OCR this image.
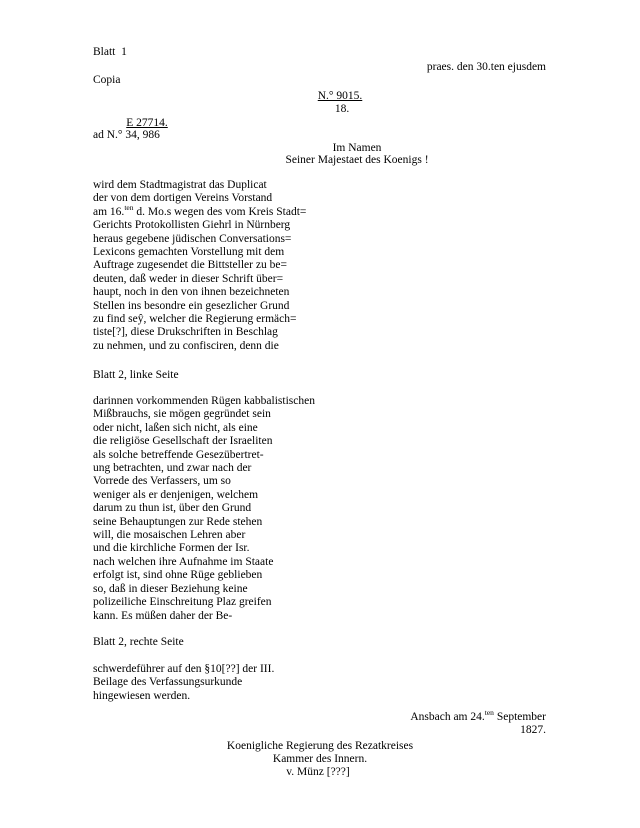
Blatt  1
praes. den 30.ten ejusdem
Copia
N.° 9015.
18.
E 27714.
ad N.° 34, 986
Im Namen
Seiner Majestaet des Koenigs !
wird dem Stadtmagistrat das Duplicat
der von dem dortigen Vereins Vorstand
am 16.$^{ten}$ d. Mo.s wegen des vom Kreis Stadt=
Gerichts Protokollisten Giehrl in Nürnberg
heraus gegebene jüdischen Conversations=
Lexicons gemachten Vorstellung mit dem
Auftrage zugesendet die Bittsteller zu be=
deuten, daß weder in dieser Schrift über=
haupt, noch in den von ihnen bezeichneten
Stellen ins besondre ein gesezlicher Grund
zu find seŷ, welcher die Regierung ermäch=
tiste[?], diese Drukschriften in Beschlag
zu nehmen, und zu confisciren, denn die
Blatt 2, linke Seite
darinnen vorkommenden Rügen kabbalistischen
Mißbrauchs, sie mögen gegründet sein
oder nicht, laßen sich nicht, als eine
die religiöse Gesellschaft der Israeliten
als solche betreffende Gesezübertret-
ung betrachten, und zwar nach der
Vorrede des Verfassers, um so
weniger als er denjenigen, welchem
darum zu thun ist, über den Grund
seine Behauptungen zur Rede stehen
will, die mosaischen Lehren aber
und die kirchliche Formen der Isr.
nach welchen ihre Aufnahme im Staate
erfolgt ist, sind ohne Rüge geblieben
so, daß in dieser Beziehung keine
polizeiliche Einschreitung Plaz greifen
kann. Es müßen daher der Be-
Blatt 2, rechte Seite
schwerdeführer auf den §10[??] der III.
Beilage des Verfassungsurkunde
hingewiesen werden.
Ansbach am 24.$^{ten}$ September
1827.
Koenigliche Regierung des Rezatkreises
Kammer des Innern.
v. Münz [???]
